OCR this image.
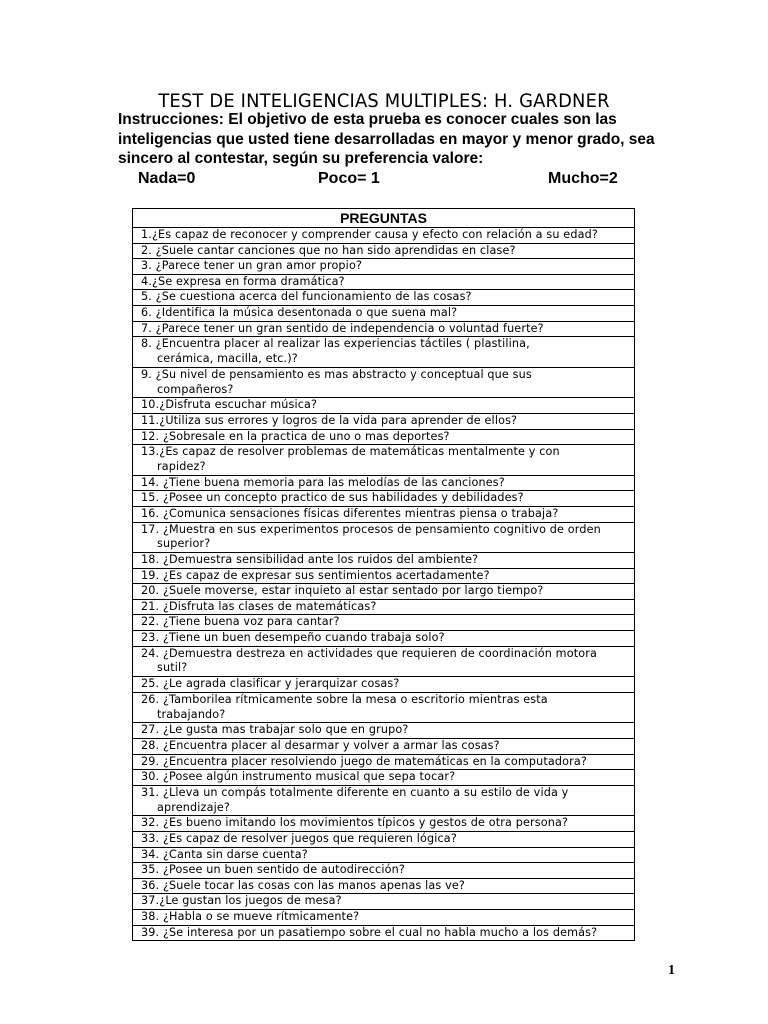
TEST DE INTELIGENCIAS MULTIPLES: H. GARDNER
Instrucciones: El objetivo de esta prueba es conocer cuales son las inteligencias que usted tiene desarrolladas en mayor y menor grado, sea sincero al contestar, según su preferencia valore:
Nada=0	Poco= 1	Mucho=2
PREGUNTAS
1.¿Es capaz de reconocer y comprender causa y efecto con relación a su edad?
2. ¿Suele cantar canciones que no han sido aprendidas en clase?
3. ¿Parece tener un gran amor propio?
4.¿Se expresa en forma dramática?
5. ¿Se cuestiona acerca del funcionamiento de las cosas?
6. ¿Identifica la música desentonada o que suena mal?
7. ¿Parece tener un gran sentido de independencia o voluntad fuerte?
8. ¿Encuentra placer al realizar las experiencias táctiles ( plastilina,
cerámica, macilla, etc.)?

9. ¿Su nivel de pensamiento es mas abstracto y conceptual que sus
compañeros?

10.¿Disfruta escuchar música?
11.¿Utiliza sus errores y logros de la vida para aprender de ellos?
12. ¿Sobresale en la practica de uno o mas deportes?
13.¿Es capaz de resolver problemas de matemáticas mentalmente y con
rapidez?

14. ¿Tiene buena memoria para las melodías de las canciones?
15. ¿Posee un concepto practico de sus habilidades y debilidades?
16. ¿Comunica sensaciones físicas diferentes mientras piensa o trabaja?
17. ¿Muestra en sus experimentos procesos de pensamiento cognitivo de orden
superior?

18. ¿Demuestra sensibilidad ante los ruidos del ambiente?
19. ¿Es capaz de expresar sus sentimientos acertadamente?
20. ¿Suele moverse, estar inquieto al estar sentado por largo tiempo?
21. ¿Disfruta las clases de matemáticas?
22. ¿Tiene buena voz para cantar?
23. ¿Tiene un buen desempeño cuando trabaja solo?
24. ¿Demuestra destreza en actividades que requieren de coordinación motora
sutil?

25. ¿Le agrada clasificar y jerarquizar cosas?
26. ¿Tamborilea rítmicamente sobre la mesa o escritorio mientras esta
trabajando?

27. ¿Le gusta mas trabajar solo que en grupo?
28. ¿Encuentra placer al desarmar y volver a armar las cosas?
29. ¿Encuentra placer resolviendo juego de matemáticas en la computadora?
30. ¿Posee algún instrumento musical que sepa tocar?
31. ¿Lleva un compás totalmente diferente en cuanto a su estilo de vida y
aprendizaje?

32. ¿Es bueno imitando los movimientos típicos y gestos de otra persona?
33. ¿Es capaz de resolver juegos que requieren lógica?
34. ¿Canta sin darse cuenta?
35. ¿Posee un buen sentido de autodirección?
36. ¿Suele tocar las cosas con las manos apenas las ve?
37.¿Le gustan los juegos de mesa?
38. ¿Habla o se mueve rítmicamente?
39. ¿Se interesa por un pasatiempo sobre el cual no habla mucho a los demás?
1
